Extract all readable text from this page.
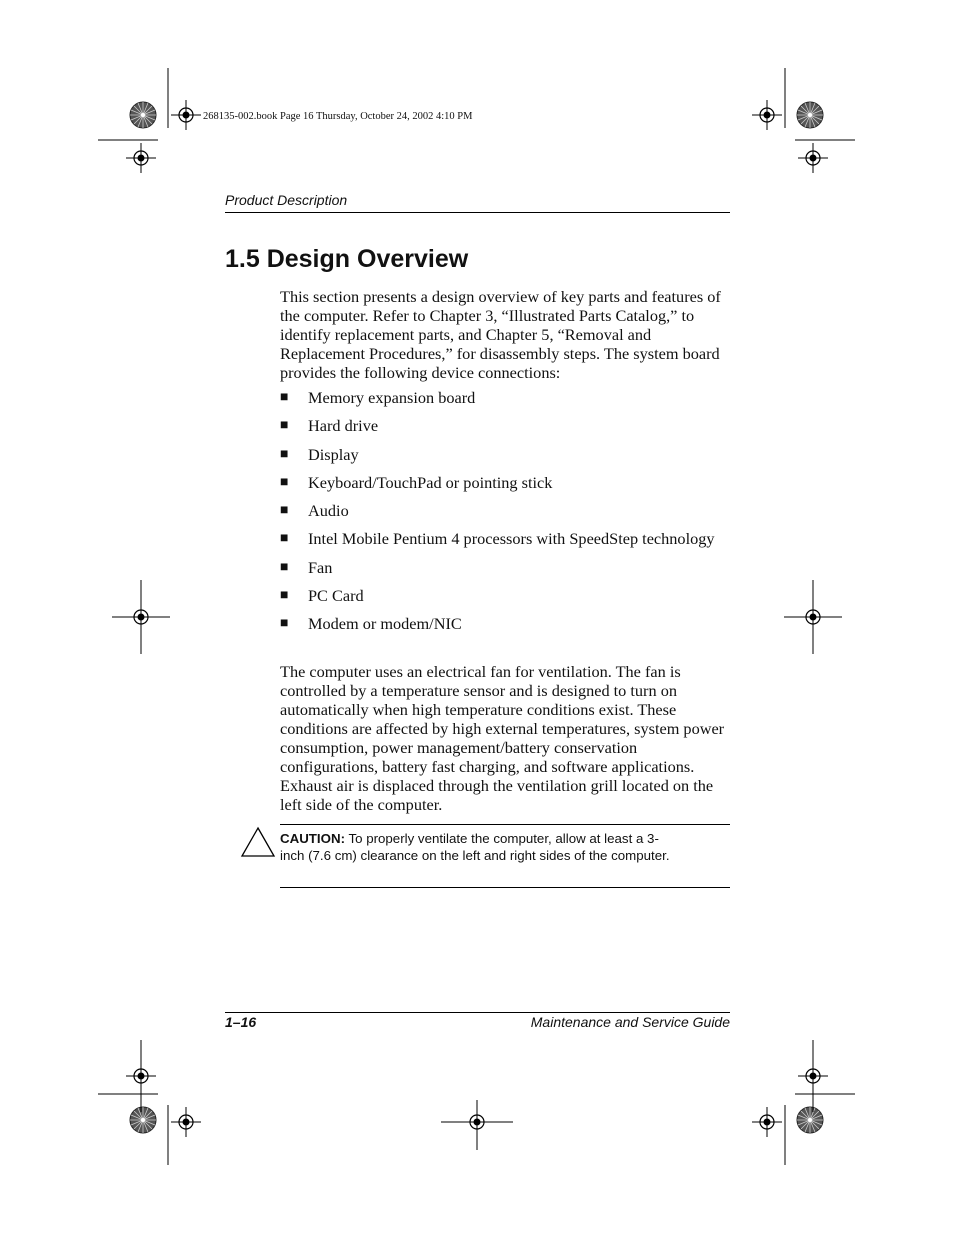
268135-002.book Page 16 Thursday, October 24, 2002 4:10 PM
Product Description
1.5 Design Overview

This section presents a design overview of key parts and features of the computer. Refer to Chapter 3, “Illustrated Parts Catalog,” to identify replacement parts, and Chapter 5, “Removal and Replacement Procedures,” for disassembly steps. The system board provides the following device connections:

■ Memory expansion board
■ Hard drive
■ Display
■ Keyboard/TouchPad or pointing stick
■ Audio
■ Intel Mobile Pentium 4 processors with SpeedStep technology
■ Fan
■ PC Card
■ Modem or modem/NIC

The computer uses an electrical fan for ventilation. The fan is controlled by a temperature sensor and is designed to turn on automatically when high temperature conditions exist. These conditions are affected by high external temperatures, system power consumption, power management/battery conservation configurations, battery fast charging, and software applications. Exhaust air is displaced through the ventilation grill located on the left side of the computer.

CAUTION: To properly ventilate the computer, allow at least a 3-inch (7.6 cm) clearance on the left and right sides of the computer.
1–16	Maintenance and Service Guide
